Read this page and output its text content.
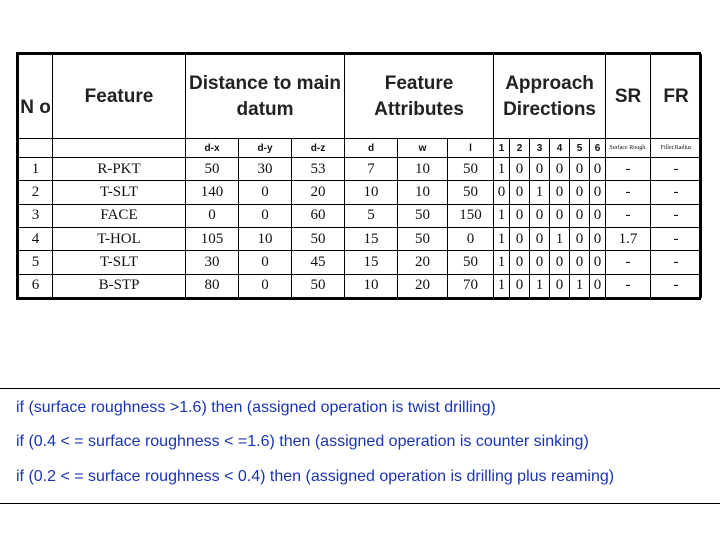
N o	Feature	Distance to main datum			Feature Attributes			Approach Directions						SR	FR
		d-x	d-y	d-z	d	w	l	1	2	3	4	5	6	Surface Rough.	Fillet Radius
1	R-PKT	50	30	53	7	10	50	1	0	0	0	0	0	-	-
2	T-SLT	140	0	20	10	10	50	0	0	1	0	0	0	-	-
3	FACE	0	0	60	5	50	150	1	0	0	0	0	0	-	-
4	T-HOL	105	10	50	15	50	0	1	0	0	1	0	0	1.7	-
5	T-SLT	30	0	45	15	20	50	1	0	0	0	0	0	-	-
6	B-STP	80	0	50	10	20	70	1	0	1	0	1	0	-	-
if (surface roughness >1.6) then (assigned operation is twist drilling)
if (0.4 < = surface roughness < =1.6) then (assigned operation is counter sinking)
if (0.2 < = surface roughness < 0.4) then (assigned operation is drilling plus reaming)
